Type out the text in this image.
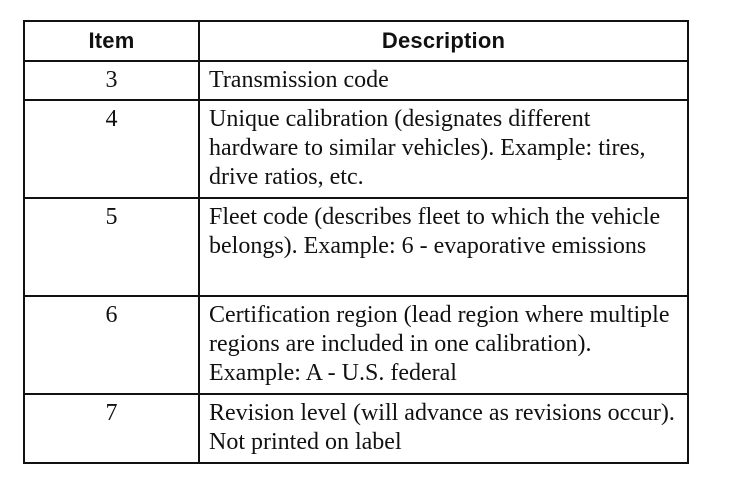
Item	Description
3	Transmission code
4	Unique calibration (designates different hardware to similar vehicles). Example: tires, drive ratios, etc.
5	Fleet code (describes fleet to which the vehicle belongs). Example: 6 - evaporative emissions
6	Certification region (lead region where multiple regions are included in one calibration). Example: A - U.S. federal
7	Revision level (will advance as revisions occur). Not printed on label
